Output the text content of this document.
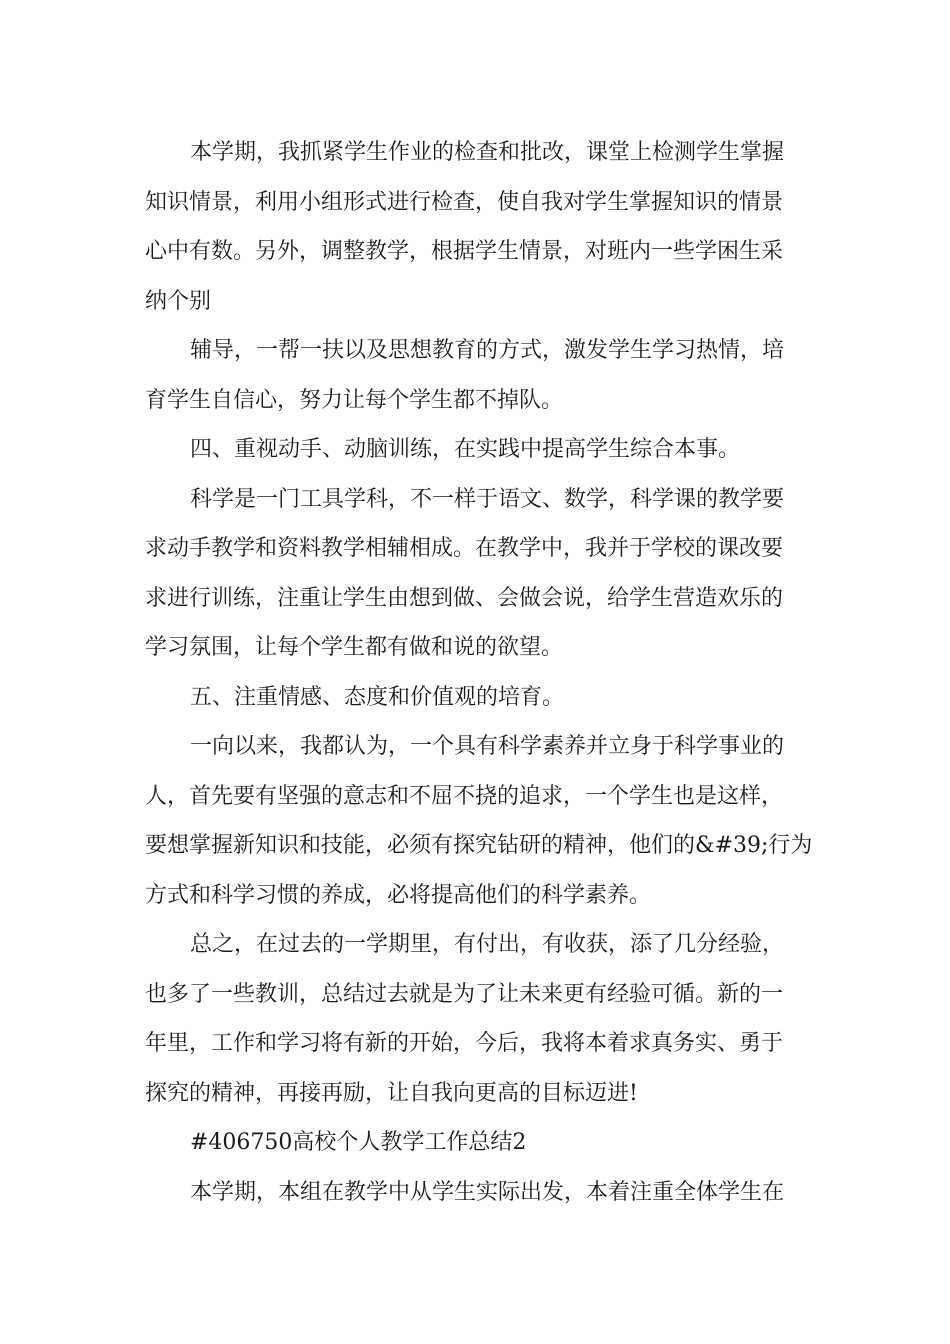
本学期，我抓紧学生作业的检查和批改，课堂上检测学生掌握
知识情景，利用小组形式进行检查，使自我对学生掌握知识的情景
心中有数。另外，调整教学，根据学生情景，对班内一些学困生采
纳个别

辅导，一帮一扶以及思想教育的方式，激发学生学习热情，培
育学生自信心，努力让每个学生都不掉队。

四、重视动手、动脑训练，在实践中提高学生综合本事。

科学是一门工具学科，不一样于语文、数学，科学课的教学要
求动手教学和资料教学相辅相成。在教学中，我并于学校的课改要
求进行训练，注重让学生由想到做、会做会说，给学生营造欢乐的
学习氛围，让每个学生都有做和说的欲望。

五、注重情感、态度和价值观的培育。

一向以来，我都认为，一个具有科学素养并立身于科学事业的
人，首先要有坚强的意志和不屈不挠的追求，一个学生也是这样，
要想掌握新知识和技能，必须有探究钻研的精神，他们的&#39;行为
方式和科学习惯的养成，必将提高他们的科学素养。

总之，在过去的一学期里，有付出，有收获，添了几分经验，
也多了一些教训，总结过去就是为了让未来更有经验可循。新的一
年里，工作和学习将有新的开始，今后，我将本着求真务实、勇于
探究的精神，再接再励，让自我向更高的目标迈进!

#406750高校个人教学工作总结2

本学期，本组在教学中从学生实际出发，本着注重全体学生在
